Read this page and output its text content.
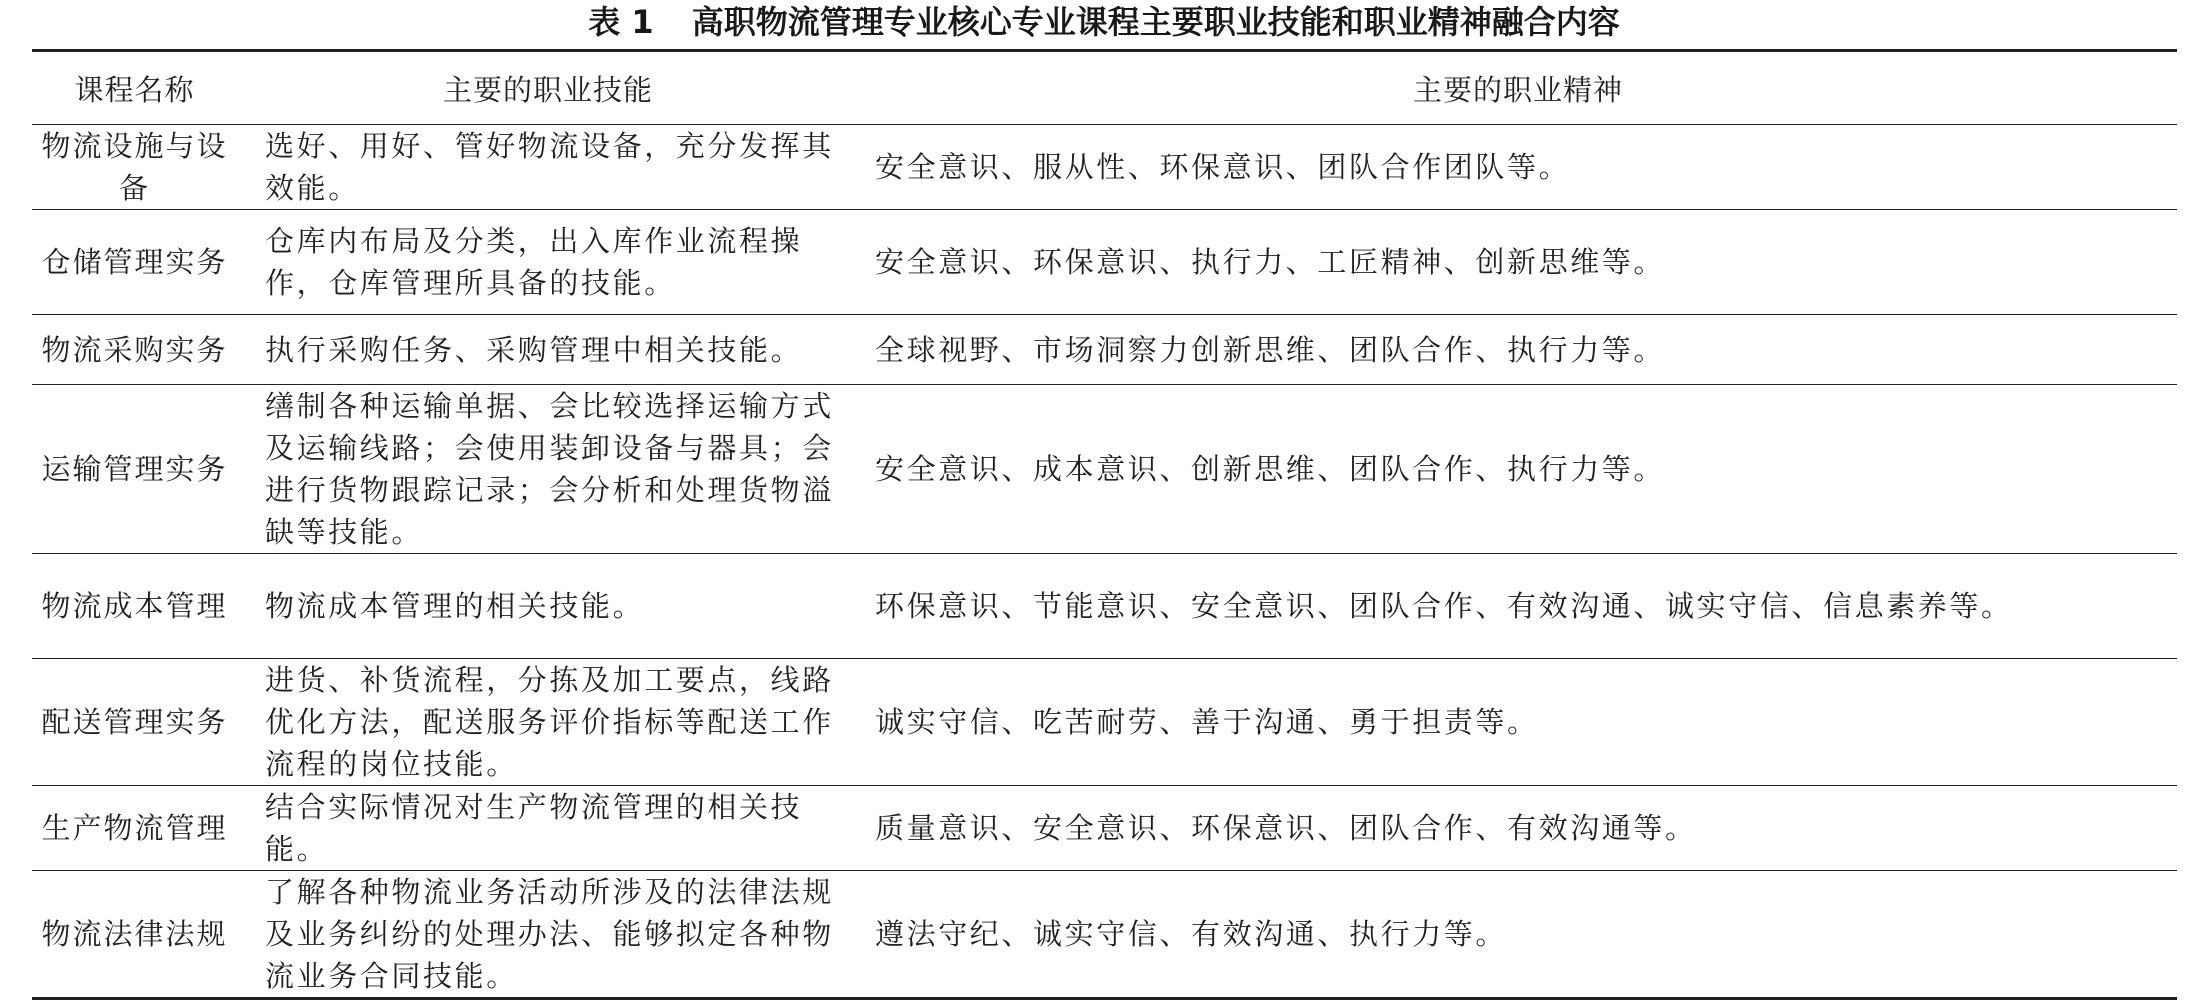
表 1 高职物流管理专业核心专业课程主要职业技能和职业精神融合内容
课程名称	主要的职业技能	主要的职业精神
物流设施与设备	选好、用好、管好物流设备，充分发挥其效能。	安全意识、服从性、环保意识、团队合作团队等。
仓储管理实务	仓库内布局及分类，出入库作业流程操作，仓库管理所具备的技能。	安全意识、环保意识、执行力、工匠精神、创新思维等。
物流采购实务	执行采购任务、采购管理中相关技能。	全球视野、市场洞察力创新思维、团队合作、执行力等。
运输管理实务	缮制各种运输单据、会比较选择运输方式及运输线路；会使用装卸设备与器具；会进行货物跟踪记录；会分析和处理货物溢缺等技能。	安全意识、成本意识、创新思维、团队合作、执行力等。
物流成本管理	物流成本管理的相关技能。	环保意识、节能意识、安全意识、团队合作、有效沟通、诚实守信、信息素养等。
配送管理实务	进货、补货流程，分拣及加工要点，线路优化方法，配送服务评价指标等配送工作流程的岗位技能。	诚实守信、吃苦耐劳、善于沟通、勇于担责等。
生产物流管理	结合实际情况对生产物流管理的相关技能。	质量意识、安全意识、环保意识、团队合作、有效沟通等。
物流法律法规	了解各种物流业务活动所涉及的法律法规及业务纠纷的处理办法、能够拟定各种物流业务合同技能。	遵法守纪、诚实守信、有效沟通、执行力等。
